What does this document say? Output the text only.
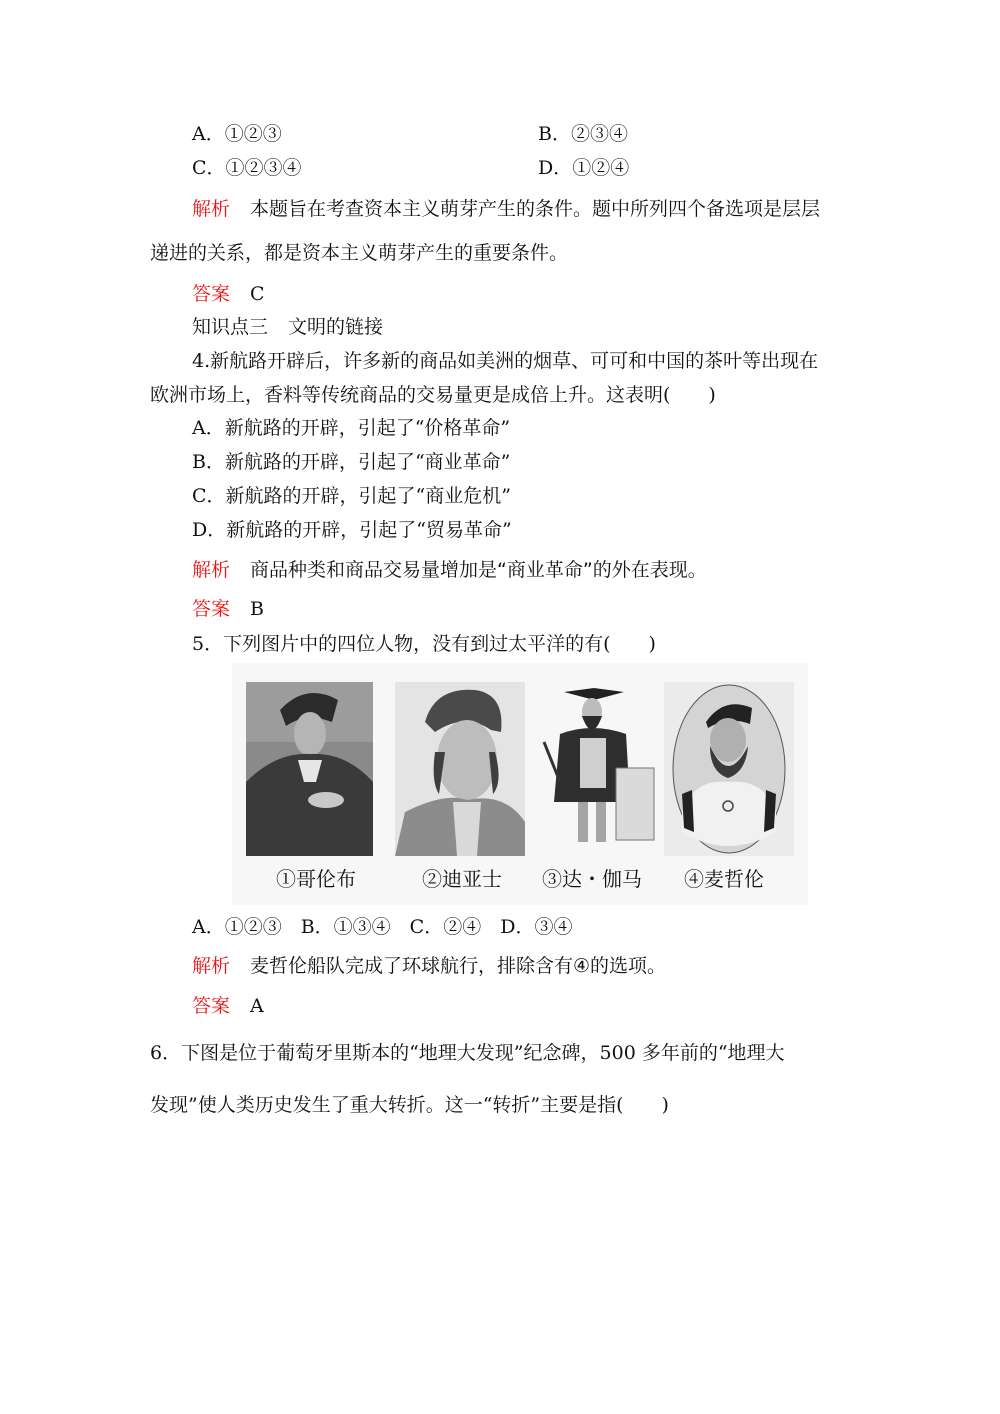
A．①②③	B．②③④
C．①②③④	D．①②④
解析 本题旨在考查资本主义萌芽产生的条件。题中所列四个备选项是层层
递进的关系，都是资本主义萌芽产生的重要条件。
答案 C
知识点三 文明的链接
4.新航路开辟后，许多新的商品如美洲的烟草、可可和中国的茶叶等出现在
欧洲市场上，香料等传统商品的交易量更是成倍上升。这表明(　　)
A．新航路的开辟，引起了“价格革命”
B．新航路的开辟，引起了“商业革命”
C．新航路的开辟，引起了“商业危机”
D．新航路的开辟，引起了“贸易革命”
解析 商品种类和商品交易量增加是“商业革命”的外在表现。
答案 B
5．下列图片中的四位人物，没有到过太平洋的有(　　)
①哥伦布	②迪亚士 ③达・伽马 ④麦哲伦
A．①②③　B．①③④　C．②④　D．③④
解析 麦哲伦船队完成了环球航行，排除含有④的选项。
答案 A
6．下图是位于葡萄牙里斯本的“地理大发现”纪念碑，500 多年前的“地理大
发现”使人类历史发生了重大转折。这一“转折”主要是指(　　)
